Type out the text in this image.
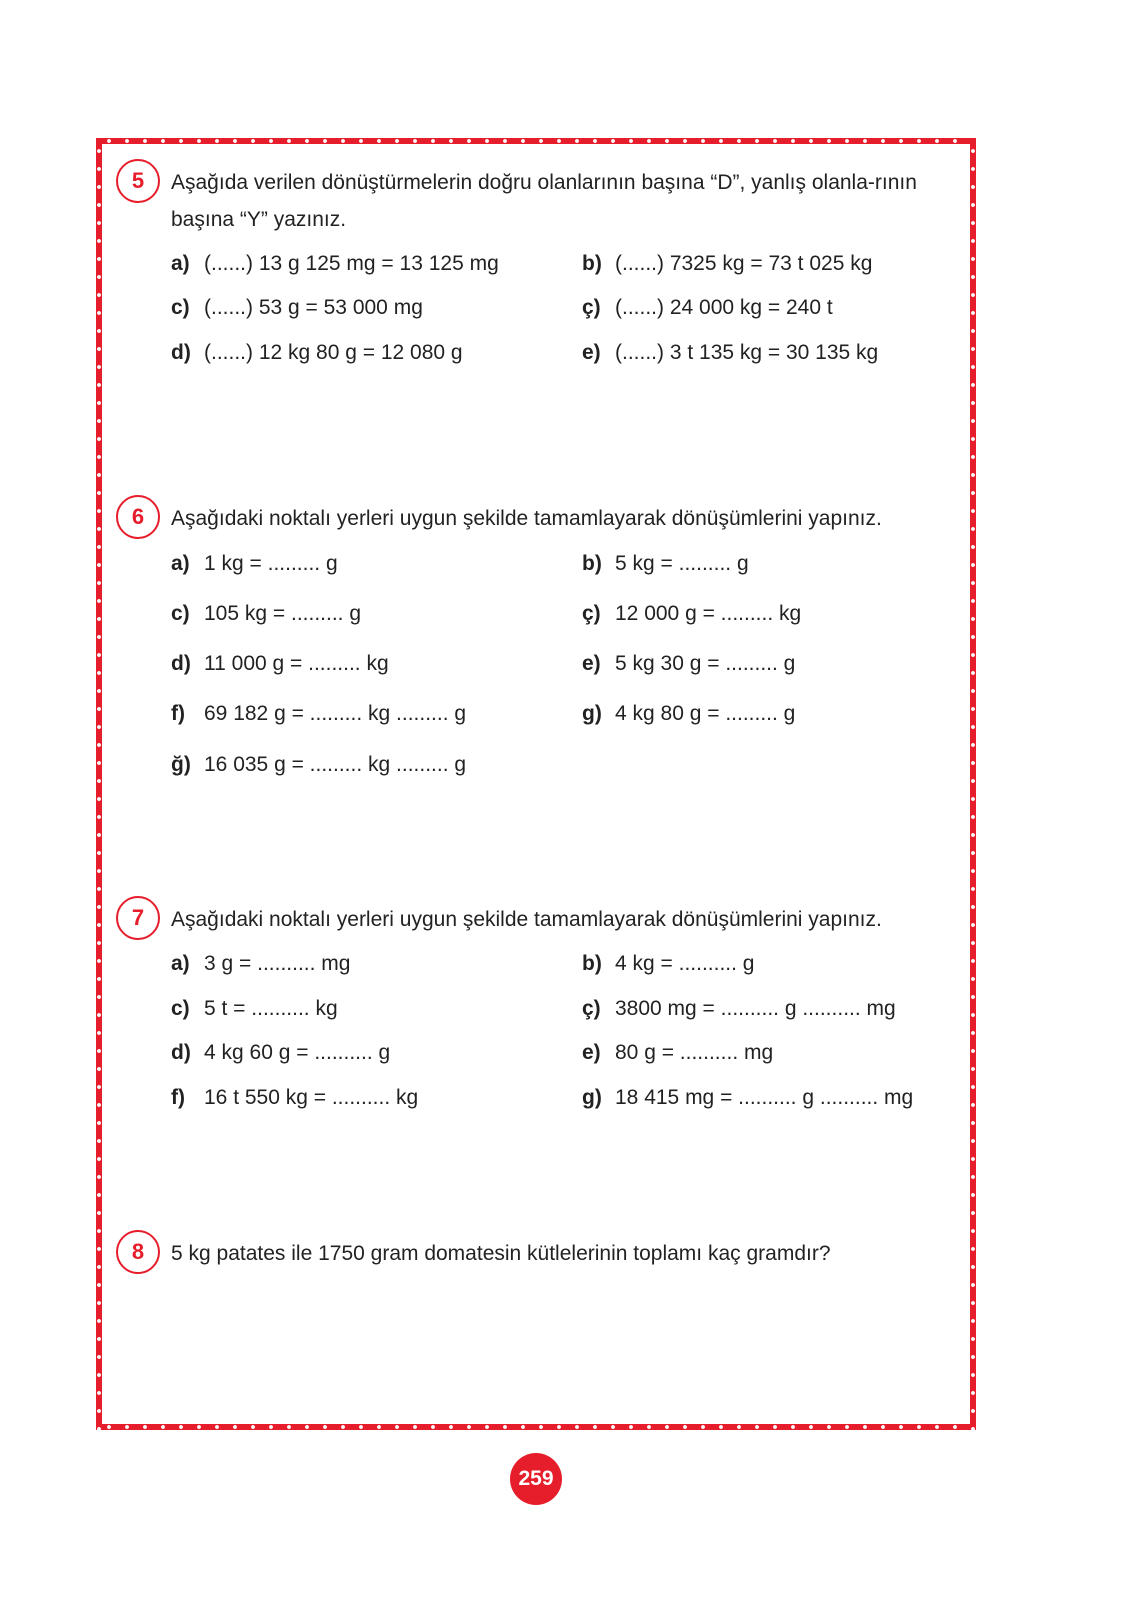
5	Aşağıda verilen dönüştürmelerin doğru olanlarının başına “D”, yanlış olanla-rının başına “Y” yazınız.
a) (......) 13 g 125 mg = 13 125 mg	b) (......) 7325 kg = 73 t 025 kg
c) (......) 53 g = 53 000 mg	ç) (......) 24 000 kg = 240 t
d) (......) 12 kg 80 g = 12 080 g	e) (......) 3 t 135 kg = 30 135 kg
6	Aşağıdaki noktalı yerleri uygun şekilde tamamlayarak dönüşümlerini yapınız.
a) 1 kg = ......... g	b) 5 kg = ......... g
c) 105 kg = ......... g	ç) 12 000 g = ......... kg
d) 11 000 g = ......... kg	e) 5 kg 30 g = ......... g
f) 69 182 g = ......... kg ......... g	g) 4 kg 80 g = ......... g
ğ) 16 035 g = ......... kg ......... g
7	Aşağıdaki noktalı yerleri uygun şekilde tamamlayarak dönüşümlerini yapınız.
a) 3 g = .......... mg	b) 4 kg = .......... g
c) 5 t = .......... kg	ç) 3800 mg = .......... g .......... mg
d) 4 kg 60 g = .......... g	e) 80 g = .......... mg
f) 16 t 550 kg = .......... kg	g) 18 415 mg = .......... g .......... mg
8	5 kg patates ile 1750 gram domatesin kütlelerinin toplamı kaç gramdır?
259
